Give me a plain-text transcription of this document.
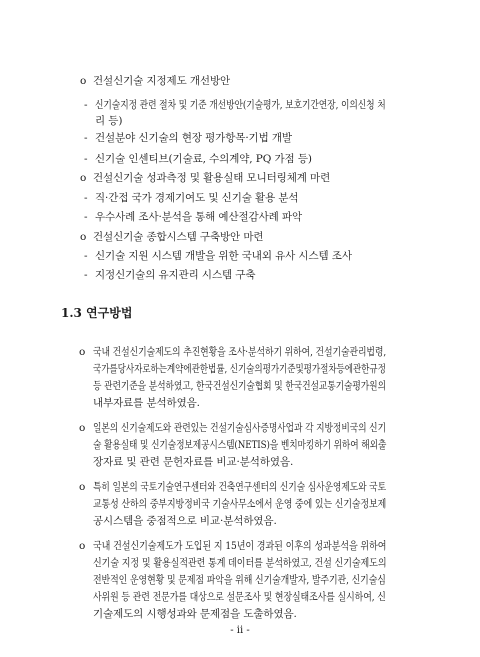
o 건설신기술 지정제도 개선방안
- 신기술지정 관련 절차 및 기준 개선방안(기술평가, 보호기간연장, 이의신청 처
리 등)
- 건설분야 신기술의 현장 평가항목·기법 개발
- 신기술 인센티브(기술료, 수의계약, PQ 가점 등)
o 건설신기술 성과측정 및 활용실태 모니터링체계 마련
- 직·간접 국가 경제기여도 및 신기술 활용 분석
- 우수사례 조사·분석을 통해 예산절감사례 파악
o 건설신기술 종합시스템 구축방안 마련
- 신기술 지원 시스템 개발을 위한 국내외 유사 시스템 조사
- 지정신기술의 유지관리 시스템 구축
1.3 연구방법
o 국내 건설신기술제도의 추진현황을 조사·분석하기 위하여, 건설기술관리법령,
국가를당사자로하는계약에관한법률, 신기술의평가기준및평가절차등에관한규정
등 관련기준을 분석하였고, 한국건설신기술협회 및 한국건설교통기술평가원의
내부자료를 분석하였음.
o 일본의 신기술제도와 관련있는 건설기술심사증명사업과 각 지방정비국의 신기
술 활용실태 및 신기술정보제공시스템(NETIS)을 벤치마킹하기 위하여 해외출
장자료 및 관련 문헌자료를 비교·분석하였음.
o 특히 일본의 국토기술연구센터와 건축연구센터의 신기술 심사운영제도와 국토
교통성 산하의 중부지방정비국 기술사무소에서 운영 중에 있는 신기술정보제
공시스템을 중점적으로 비교·분석하였음.
o 국내 건설신기술제도가 도입된 지 15년이 경과된 이후의 성과분석을 위하여
신기술 지정 및 활용실적관련 통계 데이터를 분석하였고, 건설 신기술제도의
전반적인 운영현황 및 문제점 파악을 위해 신기술개발자, 발주기관, 신기술심
사위원 등 관련 전문가를 대상으로 설문조사 및 현장실태조사를 실시하여, 신
기술제도의 시행성과와 문제점을 도출하였음.
- ii -
